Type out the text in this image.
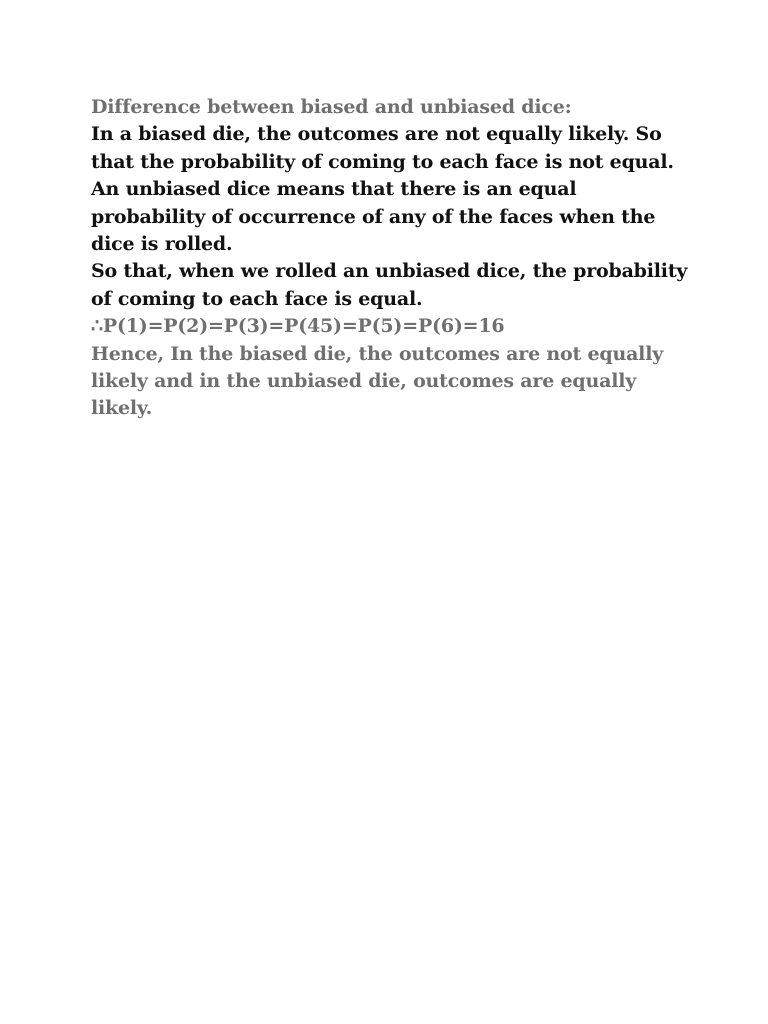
Difference between biased and unbiased dice:

In a biased die, the outcomes are not equally likely. So that the probability of coming to each face is not equal.

An unbiased dice means that there is an equal probability of occurrence of any of the faces when the dice is rolled.

So that, when we rolled an unbiased dice, the probability of coming to each face is equal.

∴P(1)=P(2)=P(3)=P(45)=P(5)=P(6)=16

Hence, In the biased die, the outcomes are not equally likely and in the unbiased die, outcomes are equally likely.
